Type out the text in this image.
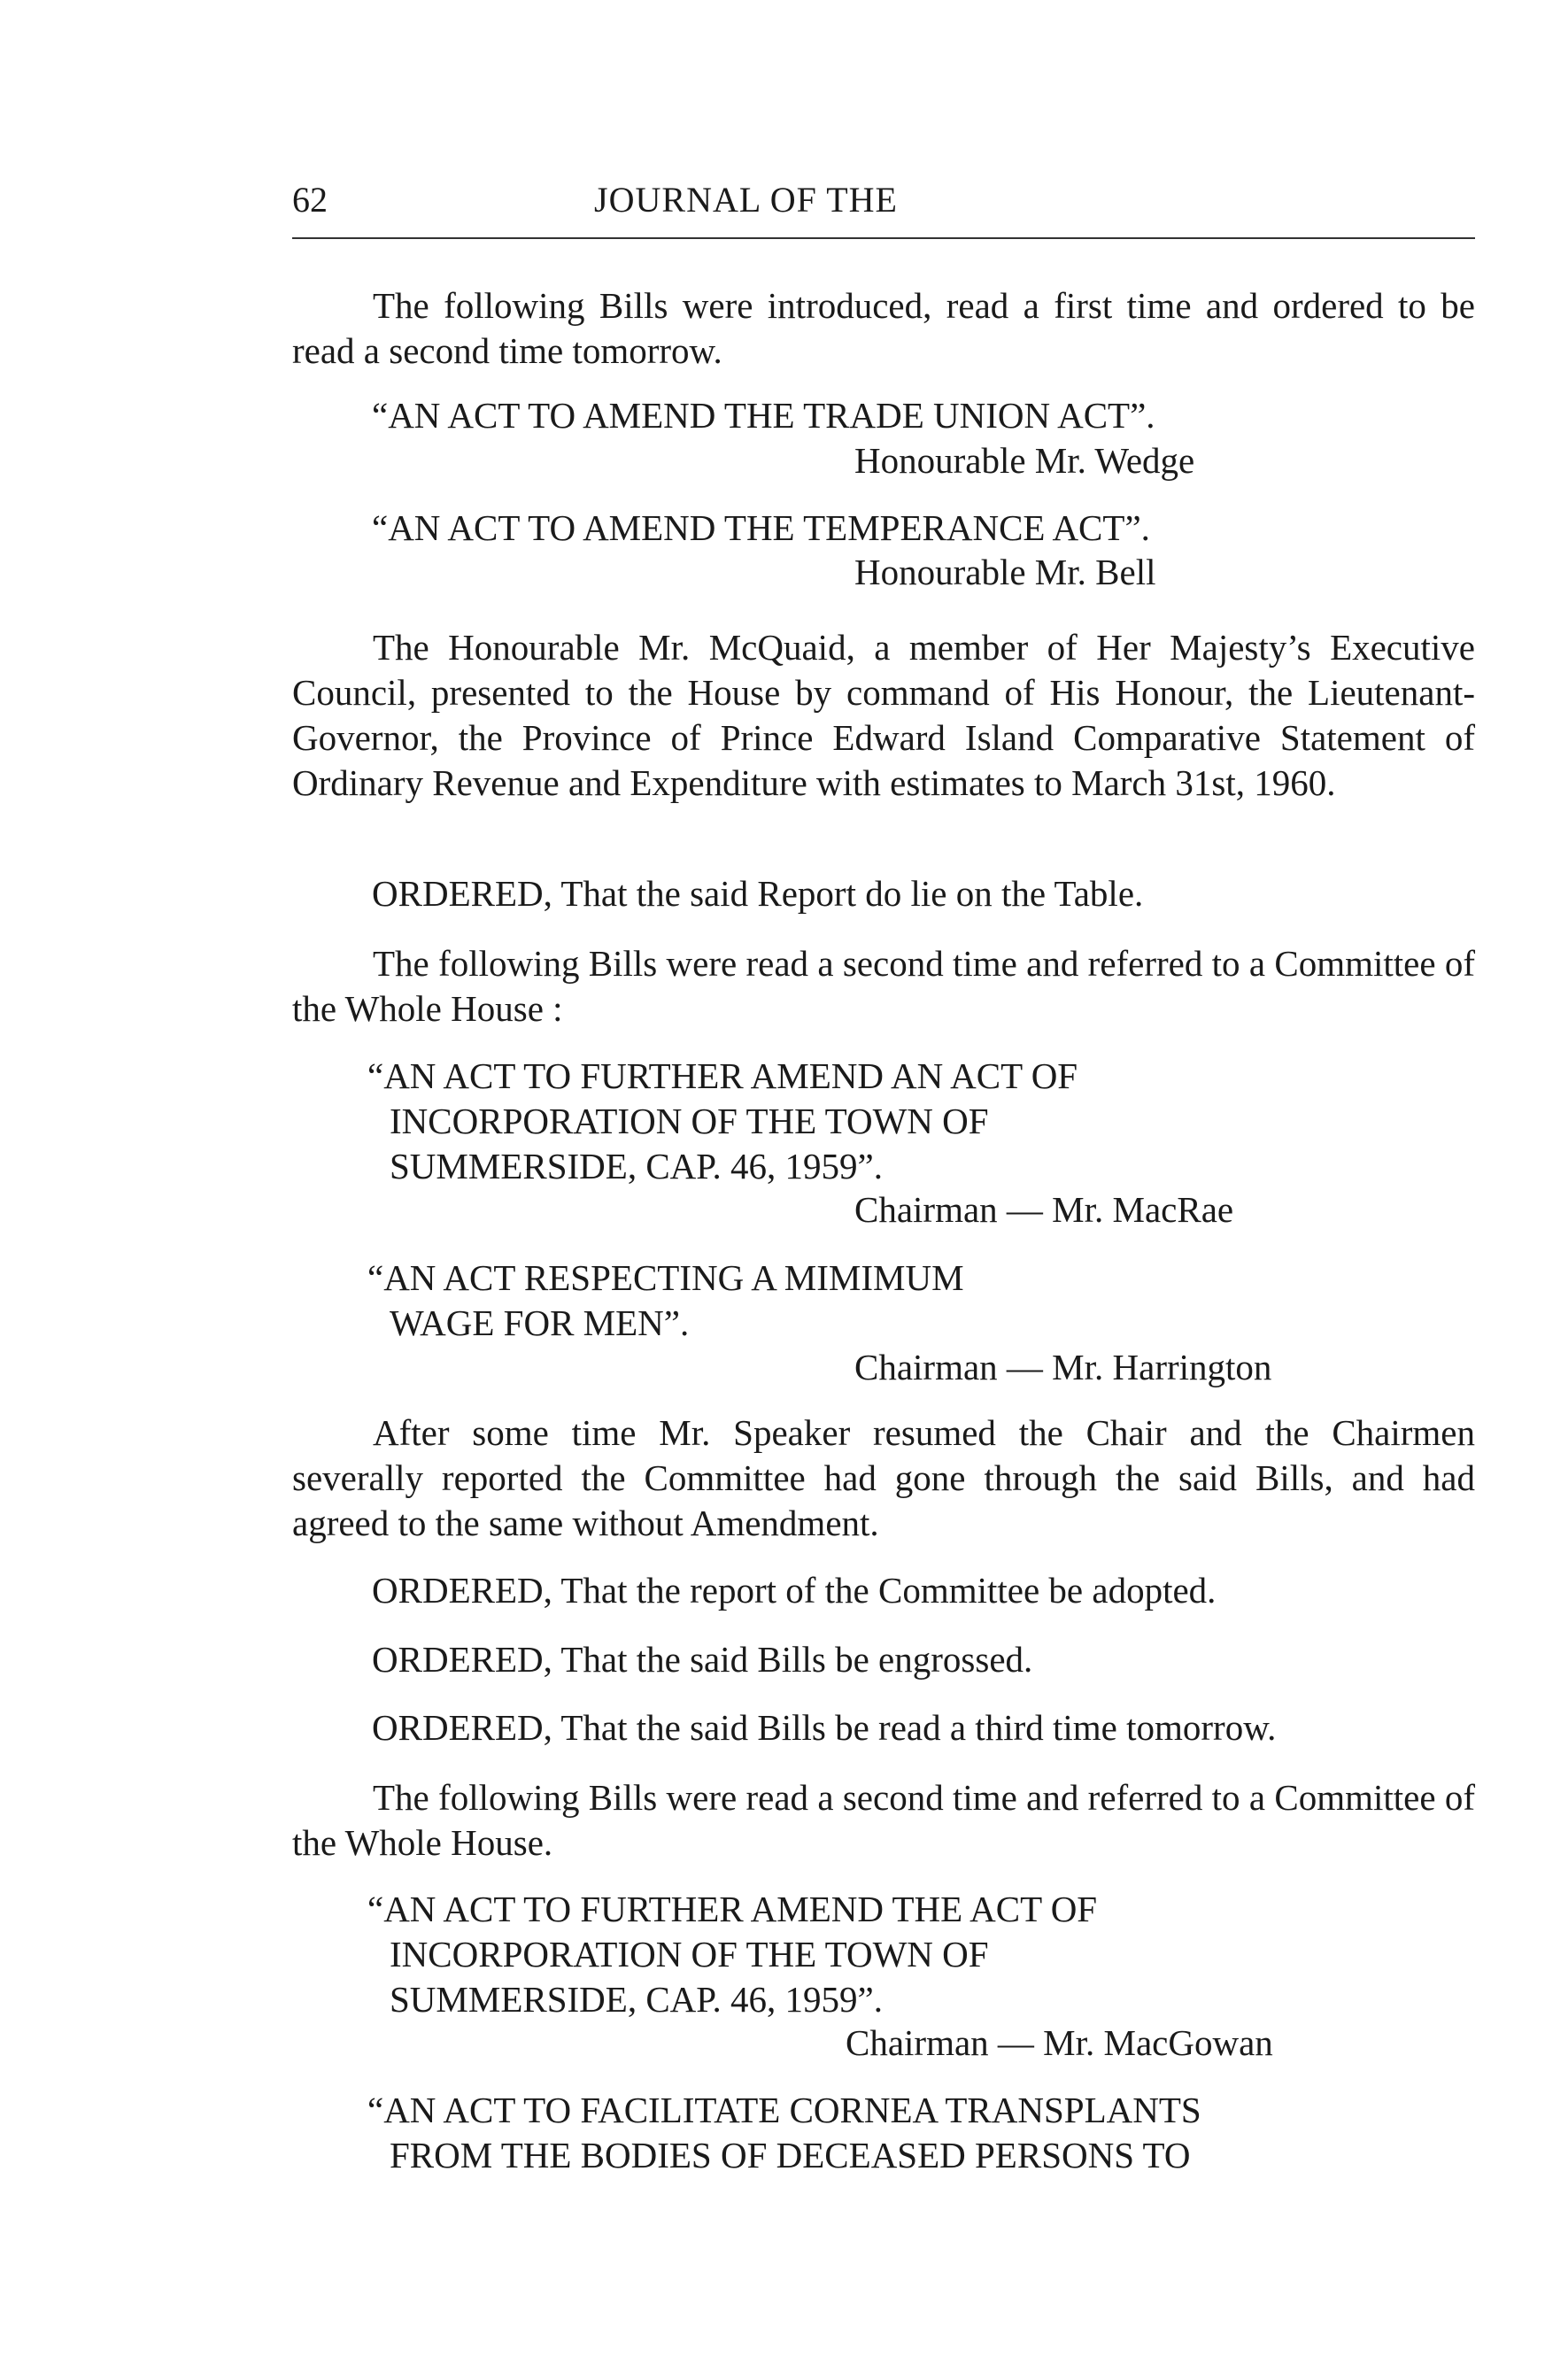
62	JOURNAL OF THE
The following Bills were introduced, read a first time and ordered to be read a second time tomorrow.
“AN ACT TO AMEND THE TRADE UNION ACT”.
Honourable Mr. Wedge
“AN ACT TO AMEND THE TEMPERANCE ACT”.
Honourable Mr. Bell
The Honourable Mr. McQuaid, a member of Her Majesty’s Executive Council, presented to the House by command of His Honour, the Lieutenant-Governor, the Province of Prince Edward Island Comparative Statement of Ordinary Revenue and Expenditure with estimates to March 31st, 1960.
ORDERED, That the said Report do lie on the Table.
The following Bills were read a second time and referred to a Committee of the Whole House :
“AN ACT TO FURTHER AMEND AN ACT OF
INCORPORATION OF THE TOWN OF
SUMMERSIDE, CAP. 46, 1959”.
Chairman — Mr. MacRae
“AN ACT RESPECTING A MIMIMUM
WAGE FOR MEN”.
Chairman — Mr. Harrington
After some time Mr. Speaker resumed the Chair and the Chairmen severally reported the Committee had gone through the said Bills, and had agreed to the same without Amendment.
ORDERED, That the report of the Committee be adopted.
ORDERED, That the said Bills be engrossed.
ORDERED, That the said Bills be read a third time tomorrow.
The following Bills were read a second time and referred to a Committee of the Whole House.
“AN ACT TO FURTHER AMEND THE ACT OF
INCORPORATION OF THE TOWN OF
SUMMERSIDE, CAP. 46, 1959”.
Chairman — Mr. MacGowan
“AN ACT TO FACILITATE CORNEA TRANSPLANTS
FROM THE BODIES OF DECEASED PERSONS TO
